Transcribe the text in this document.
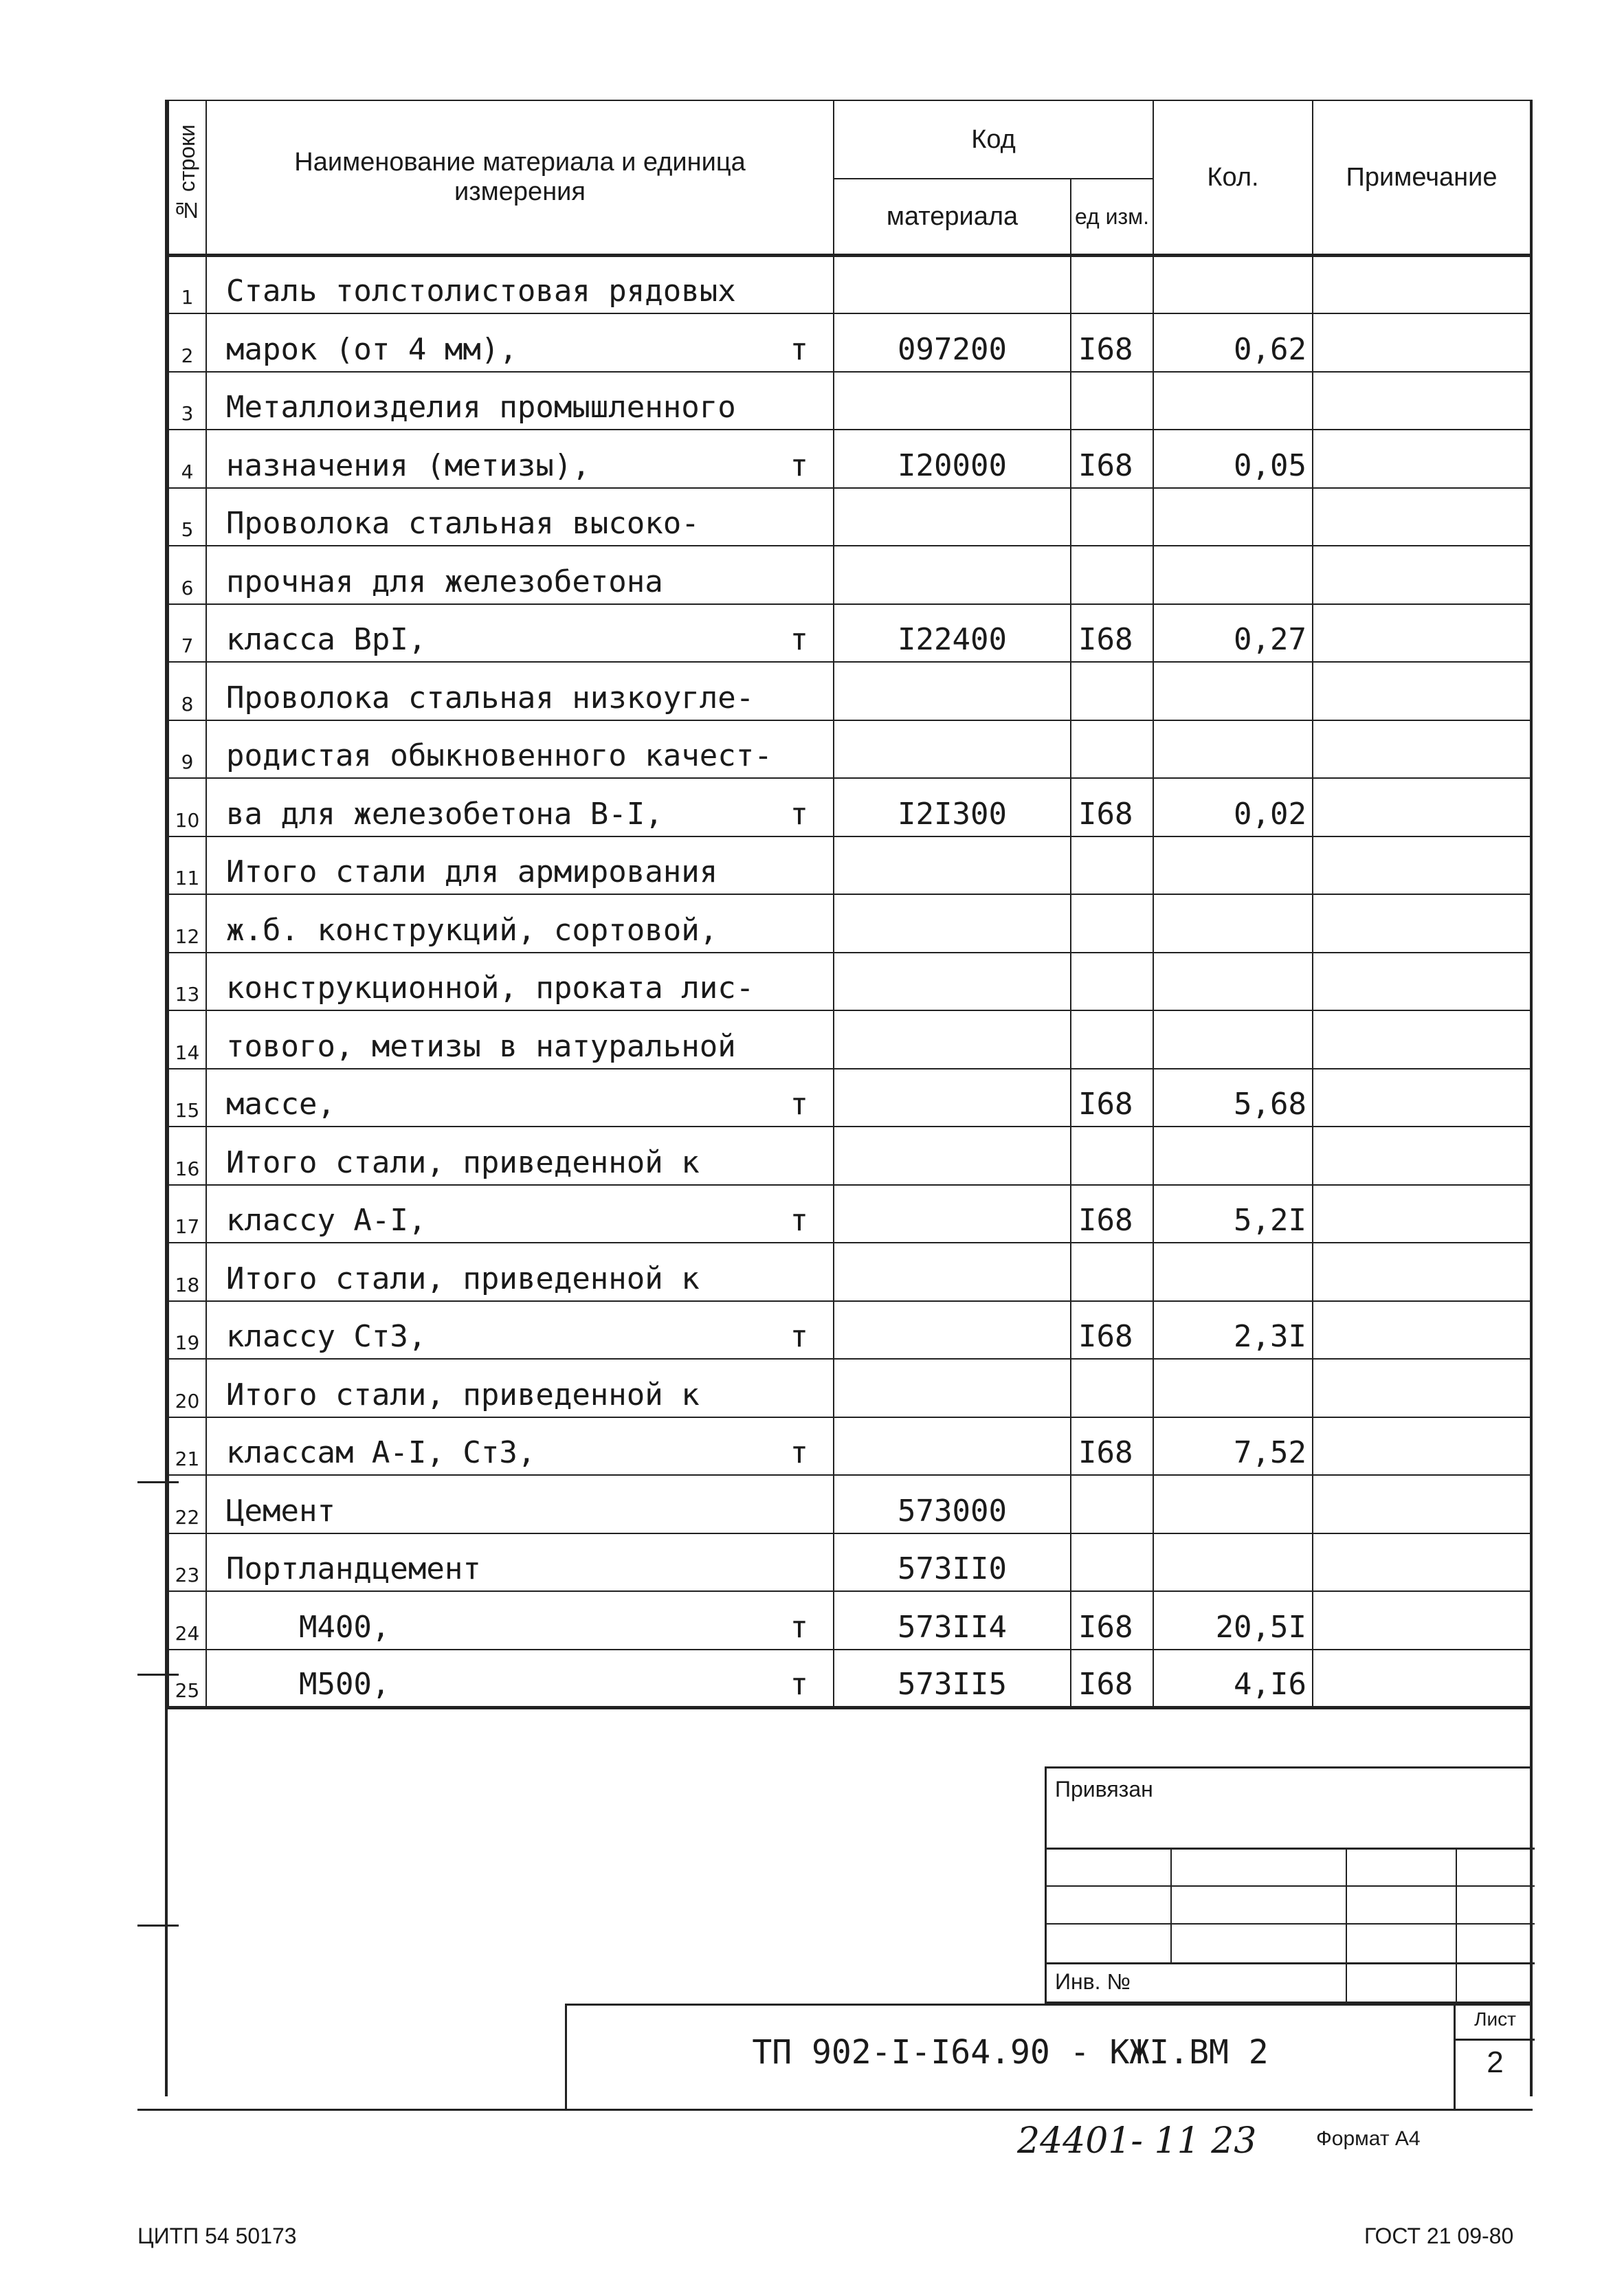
№ строки	Наименование материала и единица измерения	Код		Кол.	Примечание
		материала	ед изм.		
1	Сталь толстолистовая рядовых				
2	марок (от 4 мм), т	097200	I68	0,62	
3	Металлоизделия промышленного				
4	назначения (метизы), т	I20000	I68	0,05	
5	Проволока стальная высоко-				
6	прочная для железобетона				
7	класса ВрI, т	I22400	I68	0,27	
8	Проволока стальная низкоугле-				
9	родистая обыкновенного качест-				
10	ва для железобетона В-I, т	I2I300	I68	0,02	
11	Итого стали для армирования				
12	ж.б. конструкций, сортовой,				
13	конструкционной, проката лис-				
14	тового, метизы в натуральной				
15	массе, т		I68	5,68	
16	Итого стали, приведенной к				
17	классу А-I, т		I68	5,2I	
18	Итого стали, приведенной к				
19	классу Ст3, т		I68	2,3I	
20	Итого стали, приведенной к				
21	классам А-I, Ст3, т		I68	7,52	
22	Цемент	573000			
23	Портландцемент	573II0			
24	М400, т	573II4	I68	20,5I	
25	М500, т	573II5	I68	4,I6	
Привязан
Инв. №
ТП 902-I-I64.90 - КЖI.ВМ 2
Лист
2
24401- 11 23	Формат А4
ЦИТП 54 50173	ГОСТ 21 09-80
